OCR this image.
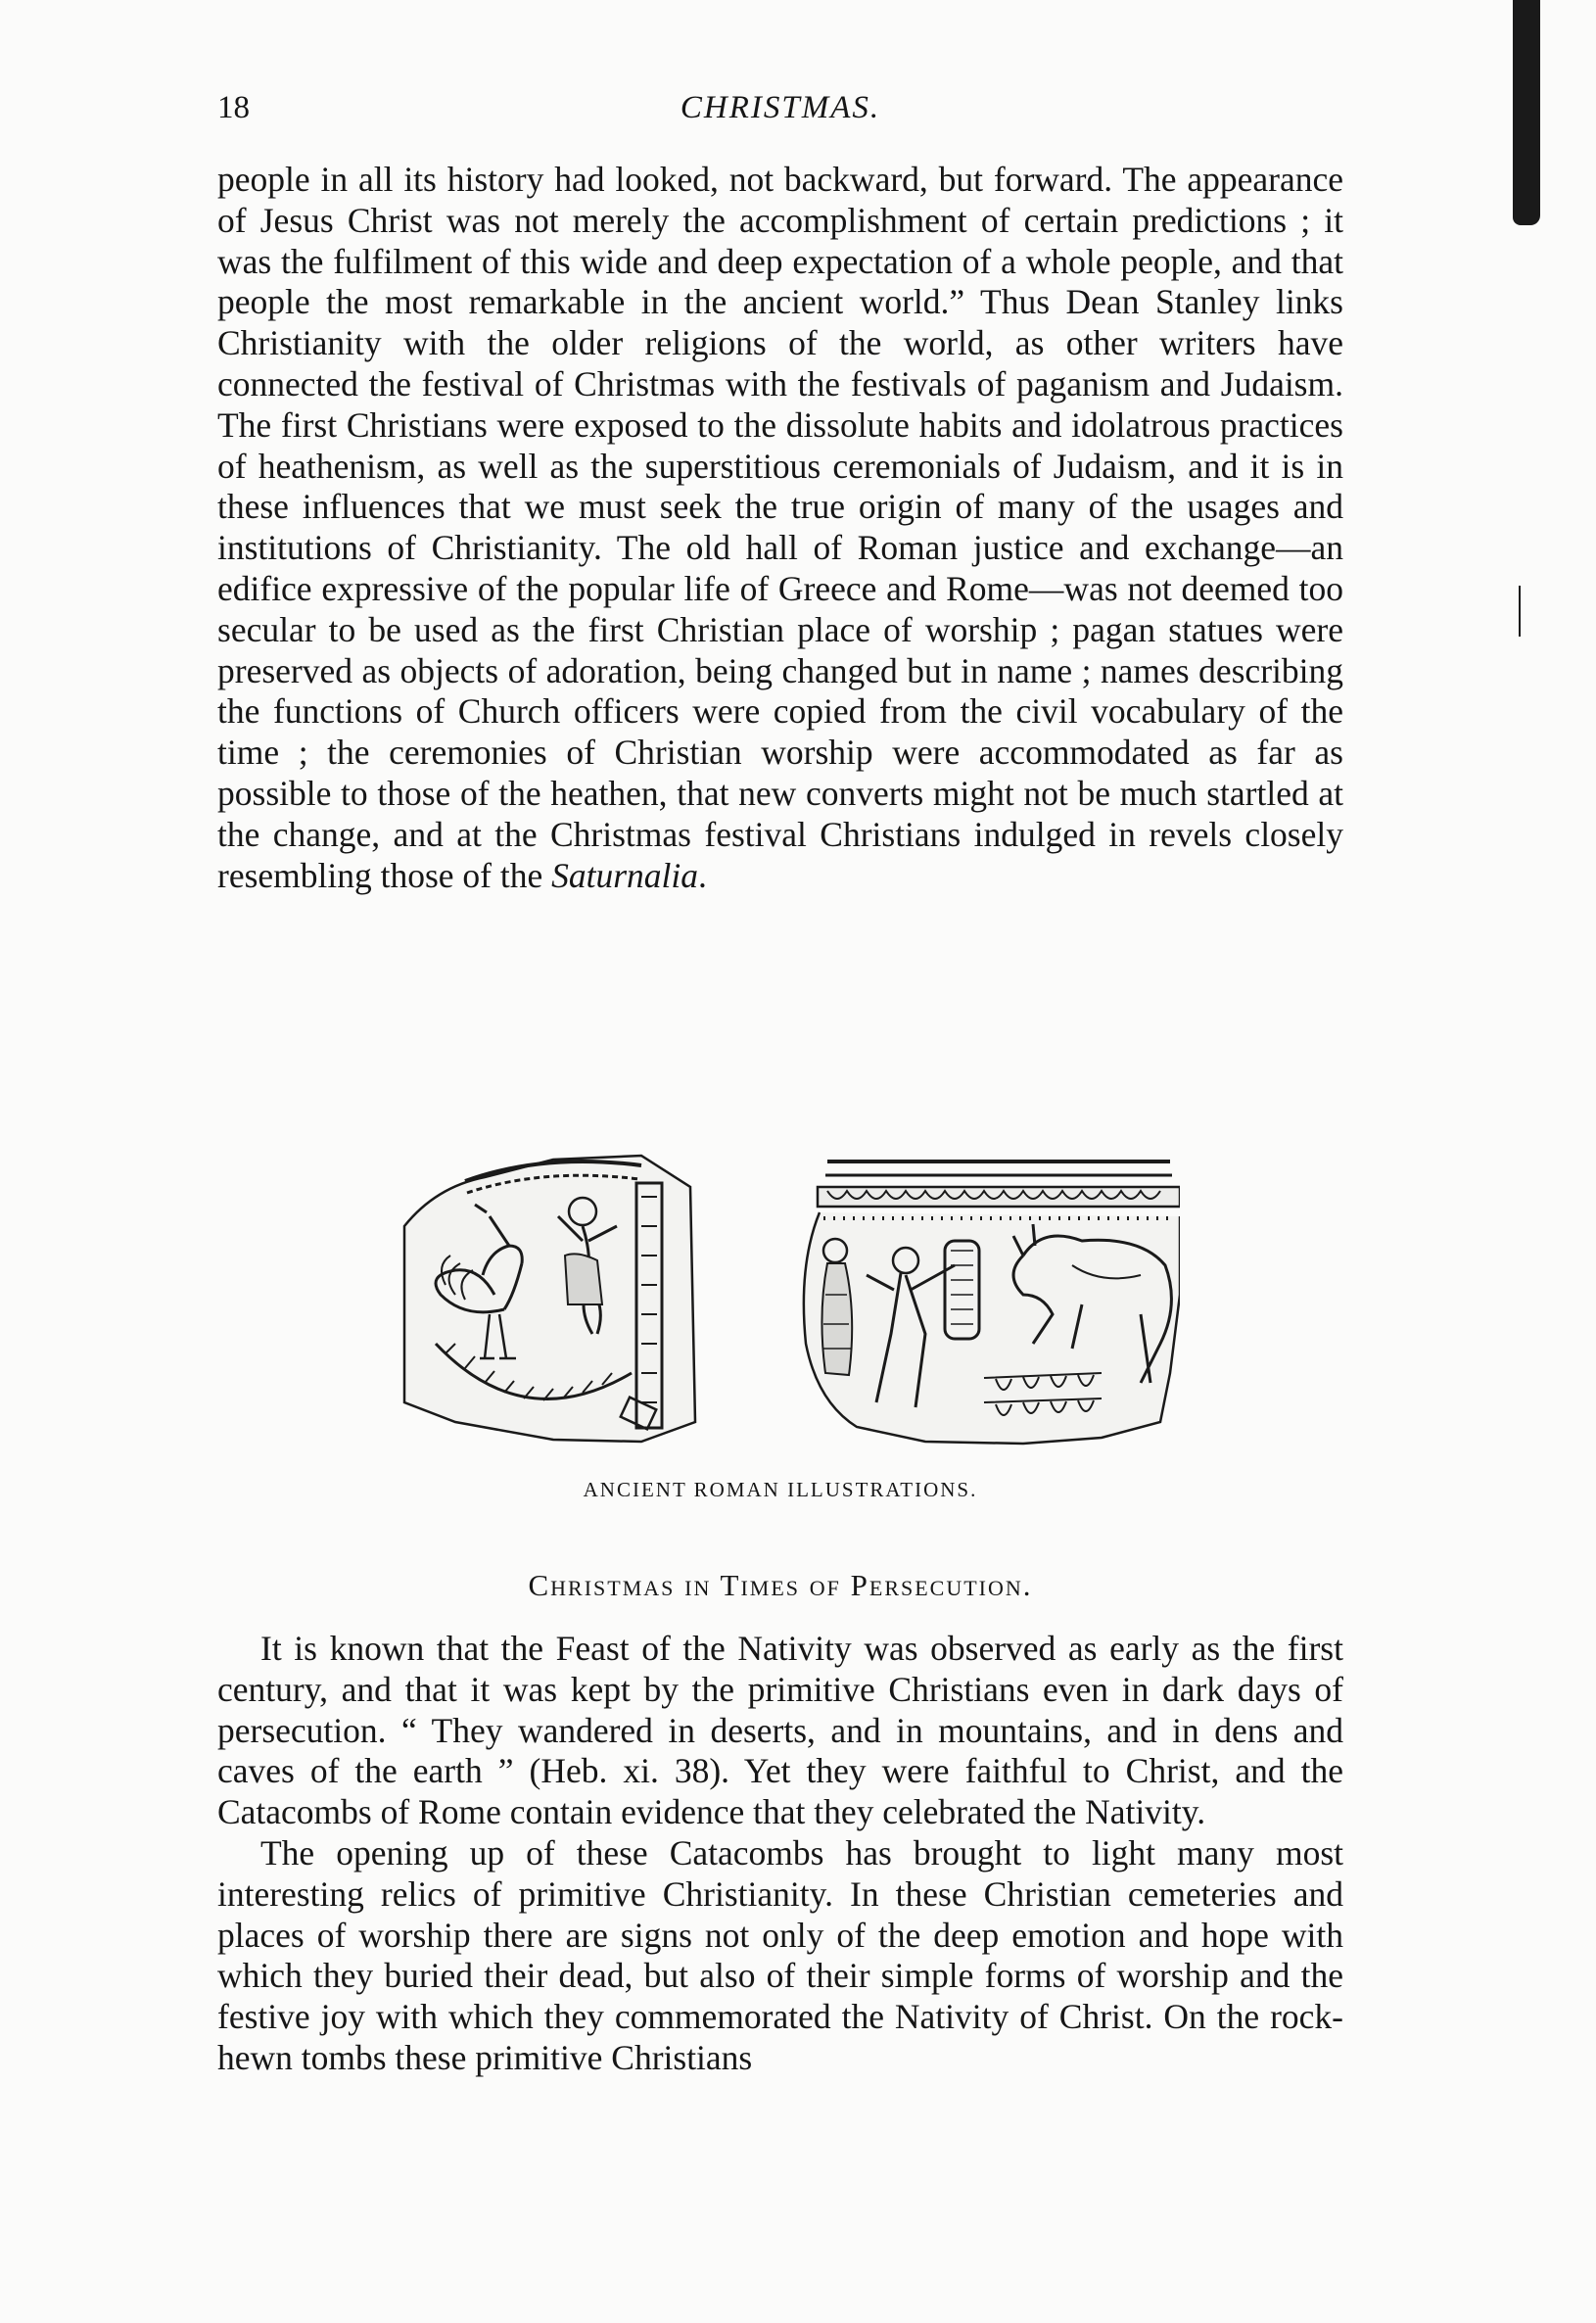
18	CHRISTMAS.

people in all its history had looked, not backward, but forward. The appearance of Jesus Christ was not merely the accomplishment of certain predictions ; it was the fulfilment of this wide and deep expectation of a whole people, and that people the most remarkable in the ancient world.” Thus Dean Stanley links Christianity with the older religions of the world, as other writers have connected the festival of Christmas with the festivals of paganism and Judaism. The first Christians were exposed to the dissolute habits and idolatrous practices of heathenism, as well as the superstitious ceremonials of Judaism, and it is in these influences that we must seek the true origin of many of the usages and institutions of Christianity. The old hall of Roman justice and exchange—an edifice expressive of the popular life of Greece and Rome—was not deemed too secular to be used as the first Christian place of worship ; pagan statues were preserved as objects of adoration, being changed but in name ; names describing the functions of Church officers were copied from the civil vocabulary of the time ; the ceremonies of Christian worship were accommodated as far as possible to those of the heathen, that new converts might not be much startled at the change, and at the Christmas festival Christians indulged in revels closely resembling those of the Saturnalia.

ANCIENT ROMAN ILLUSTRATIONS.
Christmas in Times of Persecution.

It is known that the Feast of the Nativity was observed as early as the first century, and that it was kept by the primitive Christians even in dark days of persecution. “ They wandered in deserts, and in mountains, and in dens and caves of the earth ” (Heb. xi. 38). Yet they were faithful to Christ, and the Catacombs of Rome contain evidence that they celebrated the Nativity.

The opening up of these Catacombs has brought to light many most interesting relics of primitive Christianity. In these Christian cemeteries and places of worship there are signs not only of the deep emotion and hope with which they buried their dead, but also of their simple forms of worship and the festive joy with which they commemorated the Nativity of Christ. On the rock-hewn tombs these primitive Christians
